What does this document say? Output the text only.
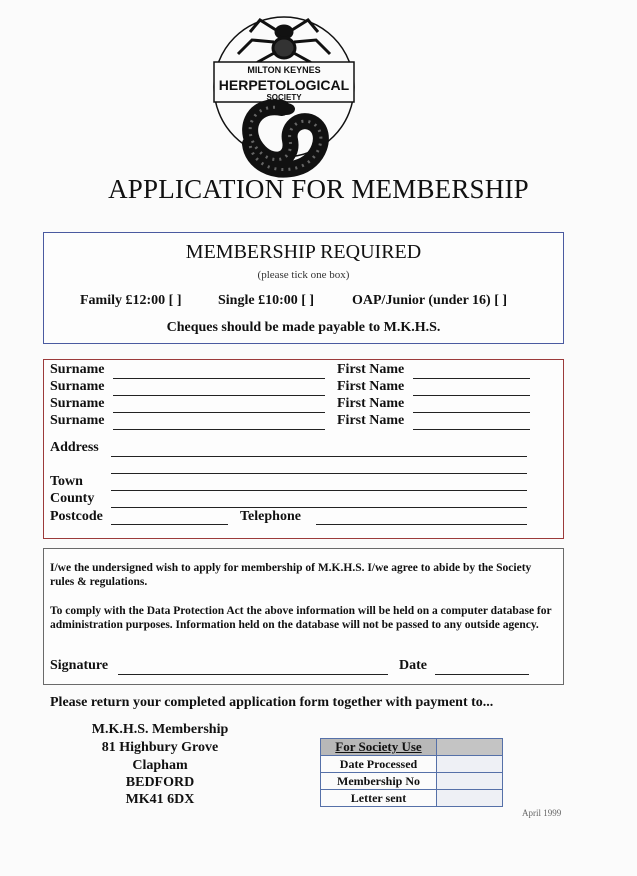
MILTON KEYNES
HERPETOLOGICAL
SOCIETY
APPLICATION FOR MEMBERSHIP
MEMBERSHIP REQUIRED
(please tick one box)
Family £12:00 [ ]	Single £10:00 [ ]	OAP/Junior (under 16) [ ]
Cheques should be made payable to M.K.H.S.
Surname	First Name
Surname	First Name
Surname	First Name
Surname	First Name
Address
Town
County
Postcode	Telephone
I/we the undersigned wish to apply for membership of M.K.H.S. I/we agree to abide by the Society rules & regulations.
To comply with the Data Protection Act the above information will be held on a computer database for administration purposes. Information held on the database will not be passed to any outside agency.
Signature	Date
Please return your completed application form together with payment to...
M.K.H.S. Membership
81 Highbury Grove
Clapham
BEDFORD
MK41 6DX
For Society Use	
Date Processed	
Membership No	
Letter sent	
April 1999
